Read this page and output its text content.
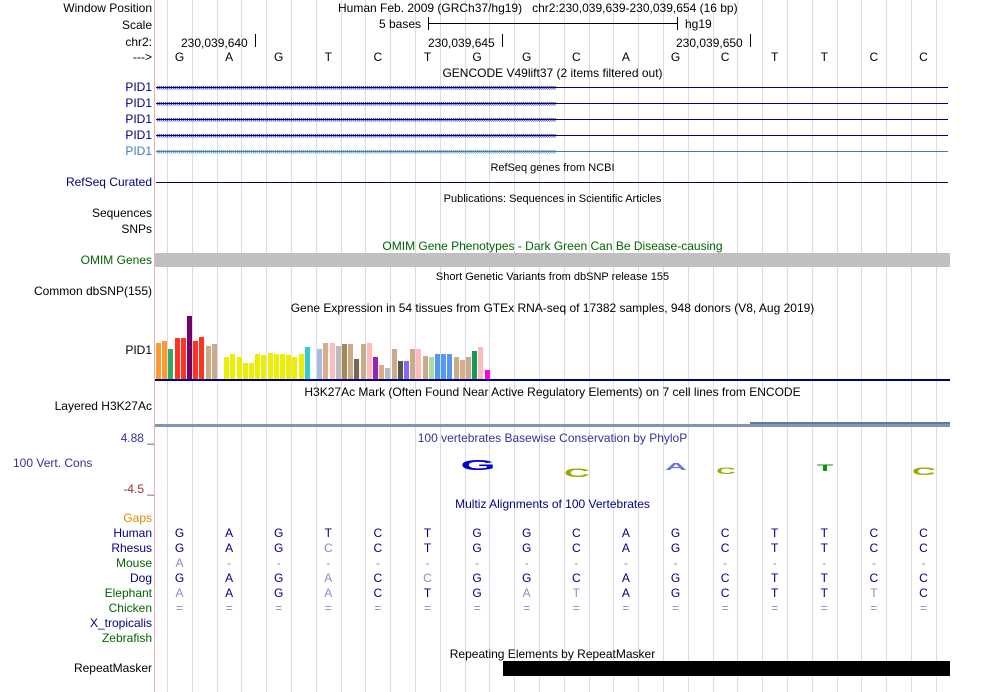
Window Position
Scale
chr2:
--->
Human Feb. 2009 (GRCh37/hg19)   chr2:230,039,639-230,039,654 (16 bp)
5 bases	hg19
230,039,640	230,039,645	230,039,650
G	A	G	T	C	T	G	G	C	A	G	C	T	T	C	C
GENCODE V49lift37 (2 items filtered out)
PID1 ‹‹‹‹‹‹‹‹‹‹‹‹‹‹‹‹‹‹‹‹‹‹‹‹‹‹‹‹‹‹‹‹‹‹‹‹‹‹‹‹‹‹‹‹‹‹‹‹‹‹‹‹‹‹‹‹‹‹‹‹‹‹‹‹‹‹‹‹‹‹‹‹‹‹‹‹‹‹‹‹‹‹‹‹‹‹‹‹‹‹‹‹‹‹‹‹‹‹‹‹‹‹‹‹‹‹‹‹‹‹‹‹‹‹‹‹‹‹‹‹‹‹‹‹‹‹‹‹‹‹‹‹‹‹‹‹‹‹‹‹‹‹‹‹‹‹‹‹‹‹‹‹‹‹‹‹‹‹‹‹‹‹‹‹‹‹‹‹‹‹‹‹‹‹‹‹‹‹‹‹‹‹‹‹‹‹‹‹‹‹‹‹‹‹‹‹‹‹‹‹
PID1 ‹‹‹‹‹‹‹‹‹‹‹‹‹‹‹‹‹‹‹‹‹‹‹‹‹‹‹‹‹‹‹‹‹‹‹‹‹‹‹‹‹‹‹‹‹‹‹‹‹‹‹‹‹‹‹‹‹‹‹‹‹‹‹‹‹‹‹‹‹‹‹‹‹‹‹‹‹‹‹‹‹‹‹‹‹‹‹‹‹‹‹‹‹‹‹‹‹‹‹‹‹‹‹‹‹‹‹‹‹‹‹‹‹‹‹‹‹‹‹‹‹‹‹‹‹‹‹‹‹‹‹‹‹‹‹‹‹‹‹‹‹‹‹‹‹‹‹‹‹‹‹‹‹‹‹‹‹‹‹‹‹‹‹‹‹‹‹‹‹‹‹‹‹‹‹‹‹‹‹‹‹‹‹‹‹‹‹‹‹‹‹‹‹‹‹‹‹‹‹‹
PID1 ‹‹‹‹‹‹‹‹‹‹‹‹‹‹‹‹‹‹‹‹‹‹‹‹‹‹‹‹‹‹‹‹‹‹‹‹‹‹‹‹‹‹‹‹‹‹‹‹‹‹‹‹‹‹‹‹‹‹‹‹‹‹‹‹‹‹‹‹‹‹‹‹‹‹‹‹‹‹‹‹‹‹‹‹‹‹‹‹‹‹‹‹‹‹‹‹‹‹‹‹‹‹‹‹‹‹‹‹‹‹‹‹‹‹‹‹‹‹‹‹‹‹‹‹‹‹‹‹‹‹‹‹‹‹‹‹‹‹‹‹‹‹‹‹‹‹‹‹‹‹‹‹‹‹‹‹‹‹‹‹‹‹‹‹‹‹‹‹‹‹‹‹‹‹‹‹‹‹‹‹‹‹‹‹‹‹‹‹‹‹‹‹‹‹‹‹‹‹‹‹
PID1 ‹‹‹‹‹‹‹‹‹‹‹‹‹‹‹‹‹‹‹‹‹‹‹‹‹‹‹‹‹‹‹‹‹‹‹‹‹‹‹‹‹‹‹‹‹‹‹‹‹‹‹‹‹‹‹‹‹‹‹‹‹‹‹‹‹‹‹‹‹‹‹‹‹‹‹‹‹‹‹‹‹‹‹‹‹‹‹‹‹‹‹‹‹‹‹‹‹‹‹‹‹‹‹‹‹‹‹‹‹‹‹‹‹‹‹‹‹‹‹‹‹‹‹‹‹‹‹‹‹‹‹‹‹‹‹‹‹‹‹‹‹‹‹‹‹‹‹‹‹‹‹‹‹‹‹‹‹‹‹‹‹‹‹‹‹‹‹‹‹‹‹‹‹‹‹‹‹‹‹‹‹‹‹‹‹‹‹‹‹‹‹‹‹‹‹‹‹‹‹‹
PID1 ‹‹‹‹‹‹‹‹‹‹‹‹‹‹‹‹‹‹‹‹‹‹‹‹‹‹‹‹‹‹‹‹‹‹‹‹‹‹‹‹‹‹‹‹‹‹‹‹‹‹‹‹‹‹‹‹‹‹‹‹‹‹‹‹‹‹‹‹‹‹‹‹‹‹‹‹‹‹‹‹‹‹‹‹‹‹‹‹‹‹‹‹‹‹‹‹‹‹‹‹‹‹‹‹‹‹‹‹‹‹‹‹‹‹‹‹‹‹‹‹‹‹‹‹‹‹‹‹‹‹‹‹‹‹‹‹‹‹‹‹‹‹‹‹‹‹‹‹‹‹‹‹‹‹‹‹‹‹‹‹‹‹‹‹‹‹‹‹‹‹‹‹‹‹‹‹‹‹‹‹‹‹‹‹‹‹‹‹‹‹‹‹‹‹‹‹‹‹‹‹
RefSeq genes from NCBI
RefSeq Curated
Publications: Sequences in Scientific Articles
Sequences
SNPs
OMIM Gene Phenotypes - Dark Green Can Be Disease-causing
OMIM Genes
Short Genetic Variants from dbSNP release 155
Common dbSNP(155)
Gene Expression in 54 tissues from GTEx RNA-seq of 17382 samples, 948 donors (V8, Aug 2019)
PID1
H3K27Ac Mark (Often Found Near Active Regulatory Elements) on 7 cell lines from ENCODE
Layered H3K27Ac
100 vertebrates Basewise Conservation by PhyloP
4.88 _
100 Vert. Cons
-4.5 _
G	C	A	C	T	C
Multiz Alignments of 100 Vertebrates
Gaps
Human	G	A	G	T	C	T	G	G	C	A	G	C	T	T	C	C
Rhesus	G	A	G	C	C	T	G	G	C	A	G	C	T	T	C	C
Mouse	A	-	-	-	-	-	-	-	-	-	-	-	-	-	-	-
Dog	G	A	G	A	C	C	G	G	C	A	G	C	T	T	C	C
Elephant	A	A	G	A	C	T	G	A	T	A	G	C	T	T	T	C
Chicken	=	=	=	=	=	=	=	=	=	=	=	=	=	=	=	=
X_tropicalis
Zebrafish
Repeating Elements by RepeatMasker
RepeatMasker
